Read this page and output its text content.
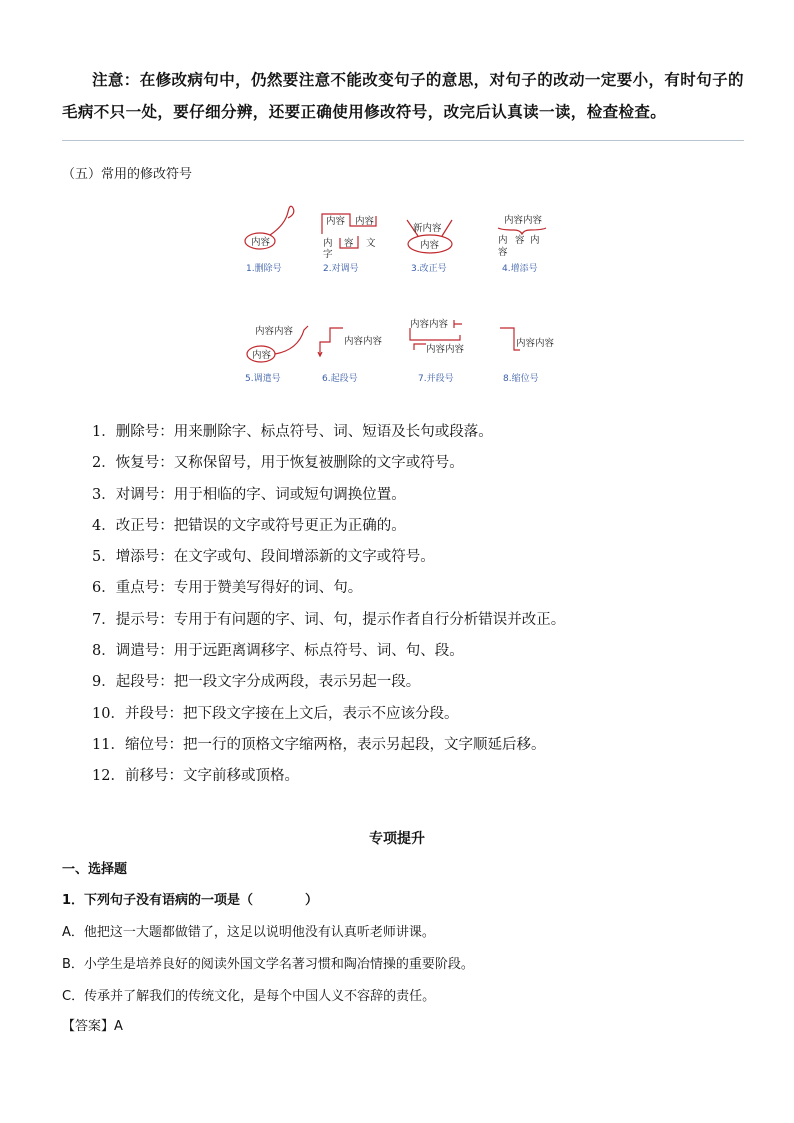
注意：在修改病句中，仍然要注意不能改变句子的意思，对句子的改动一定要小，有时句子的
毛病不只一处，要仔细分辨，还要正确使用修改符号，改完后认真读一读，检查检查。
（五）常用的修改符号
内容
1.删除号
内容 内容
内 容 文
字
2.对调号
新内容
内容
3.改正号
内容内容
内 容 内
容
4.增添号
内容内容
内容
5.调遣号
内容内容
6.起段号
内容内容
内容内容
7.并段号
内容内容
8.缩位号
1．删除号：用来删除字、标点符号、词、短语及长句或段落。
2．恢复号：又称保留号，用于恢复被删除的文字或符号。
3．对调号：用于相临的字、词或短句调换位置。
4．改正号：把错误的文字或符号更正为正确的。
5．增添号：在文字或句、段间增添新的文字或符号。
6．重点号：专用于赞美写得好的词、句。
7．提示号：专用于有问题的字、词、句，提示作者自行分析错误并改正。
8．调遣号：用于远距离调移字、标点符号、词、句、段。
9．起段号：把一段文字分成两段，表示另起一段。
10．并段号：把下段文字接在上文后，表示不应该分段。
11．缩位号：把一行的顶格文字缩两格，表示另起段，文字顺延后移。
12．前移号：文字前移或顶格。
专项提升
一、选择题
1．下列句子没有语病的一项是（　　　　）
A．他把这一大题都做错了，这足以说明他没有认真听老师讲课。
B．小学生是培养良好的阅读外国文学名著习惯和陶冶情操的重要阶段。
C．传承并了解我们的传统文化，是每个中国人义不容辞的责任。
【答案】A
